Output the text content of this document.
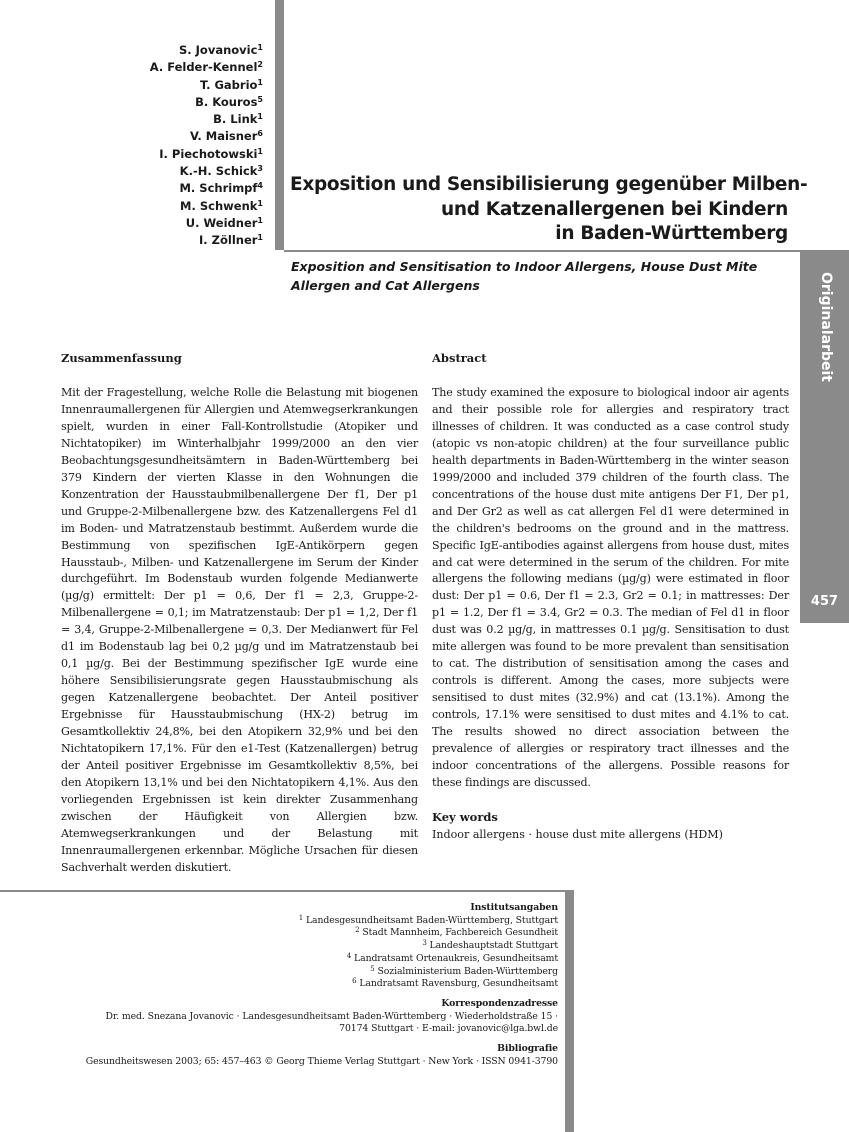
Originalarbeit
457
S. Jovanovic$^1$
A. Felder-Kennel$^2$
T. Gabrio$^1$
B. Kouros$^5$
B. Link$^1$
V. Maisner$^6$
I. Piechotowski$^1$
K.-H. Schick$^3$
M. Schrimpf$^4$
M. Schwenk$^1$
U. Weidner$^1$
I. Zöllner$^1$
Exposition und Sensibilisierung gegenüber Milben-
und Katzenallergenen bei Kindern
in Baden-Württemberg
Exposition and Sensitisation to Indoor Allergens, House Dust Mite Allergen and Cat Allergens

Zusammenfassung

Mit der Fragestellung, welche Rolle die Belastung mit biogenen Innenraumallergenen für Allergien und Atemwegserkrankungen spielt, wurden in einer Fall-Kontrollstudie (Atopiker und Nichtatopiker) im Winterhalbjahr 1999/2000 an den vier Beobachtungsgesundheitsämtern in Baden-Württemberg bei 379 Kindern der vierten Klasse in den Wohnungen die Konzentration der Hausstaubmilbenallergene Der f1, Der p1 und Gruppe-2-Milbenallergene bzw. des Katzenallergens Fel d1 im Boden- und Matratzenstaub bestimmt. Außerdem wurde die Bestimmung von spezifischen IgE-Antikörpern gegen Hausstaub-, Milben- und Katzenallergene im Serum der Kinder durchgeführt. Im Bodenstaub wurden folgende Medianwerte (µg/g) ermittelt: Der p1 = 0,6, Der f1 = 2,3, Gruppe-2-Milbenallergene = 0,1; im Matratzenstaub: Der p1 = 1,2, Der f1 = 3,4, Gruppe-2-Milbenallergene = 0,3. Der Medianwert für Fel d1 im Bodenstaub lag bei 0,2 µg/g und im Matratzenstaub bei 0,1 µg/g. Bei der Bestimmung spezifischer IgE wurde eine höhere Sensibilisierungsrate gegen Hausstaubmischung als gegen Katzenallergene beobachtet. Der Anteil positiver Ergebnisse für Hausstaubmischung (HX-2) betrug im Gesamtkollektiv 24,8%, bei den Atopikern 32,9% und bei den Nichtatopikern 17,1%. Für den e1-Test (Katzenallergen) betrug der Anteil positiver Ergebnisse im Gesamtkollektiv 8,5%, bei den Atopikern 13,1% und bei den Nichtatopikern 4,1%. Aus den vorliegenden Ergebnissen ist kein direkter Zusammenhang zwischen der Häufigkeit von Allergien bzw. Atemwegserkrankungen und der Belastung mit Innenraumallergenen erkennbar. Mögliche Ursachen für diesen Sachverhalt werden diskutiert.

Abstract

The study examined the exposure to biological indoor air agents and their possible role for allergies and respiratory tract illnesses of children. It was conducted as a case control study (atopic vs non-atopic children) at the four surveillance public health departments in Baden-Württemberg in the winter season 1999/2000 and included 379 children of the fourth class. The concentrations of the house dust mite antigens Der F1, Der p1, and Der Gr2 as well as cat allergen Fel d1 were determined in the children's bedrooms on the ground and in the mattress. Specific IgE-antibodies against allergens from house dust, mites and cat were determined in the serum of the children. For mite allergens the following medians (µg/g) were estimated in floor dust: Der p1 = 0.6, Der f1 = 2.3, Gr2 = 0.1; in mattresses: Der p1 = 1.2, Der f1 = 3.4, Gr2 = 0.3. The median of Fel d1 in floor dust was 0.2 µg/g, in mattresses 0.1 µg/g. Sensitisation to dust mite allergen was found to be more prevalent than sensitisation to cat. The distribution of sensitisation among the cases and controls is different. Among the cases, more subjects were sensitised to dust mites (32.9%) and cat (13.1%). Among the controls, 17.1% were sensitised to dust mites and 4.1% to cat. The results showed no direct association between the prevalence of allergies or respiratory tract illnesses and the indoor concentrations of the allergens. Possible reasons for these findings are discussed.

Key words

Indoor allergens · house dust mite allergens (HDM)

Institutsangaben

$^1$ Landesgesundheitsamt Baden-Württemberg, Stuttgart

$^2$ Stadt Mannheim, Fachbereich Gesundheit

$^3$ Landeshauptstadt Stuttgart

$^4$ Landratsamt Ortenaukreis, Gesundheitsamt

$^5$ Sozialministerium Baden-Württemberg

$^6$ Landratsamt Ravensburg, Gesundheitsamt

Korrespondenzadresse

Dr. med. Snezana Jovanovic · Landesgesundheitsamt Baden-Württemberg · Wiederholdstraße 15 ·

70174 Stuttgart · E-mail: jovanovic@lga.bwl.de

Bibliografie

Gesundheitswesen 2003; 65: 457–463 © Georg Thieme Verlag Stuttgart · New York · ISSN 0941-3790
